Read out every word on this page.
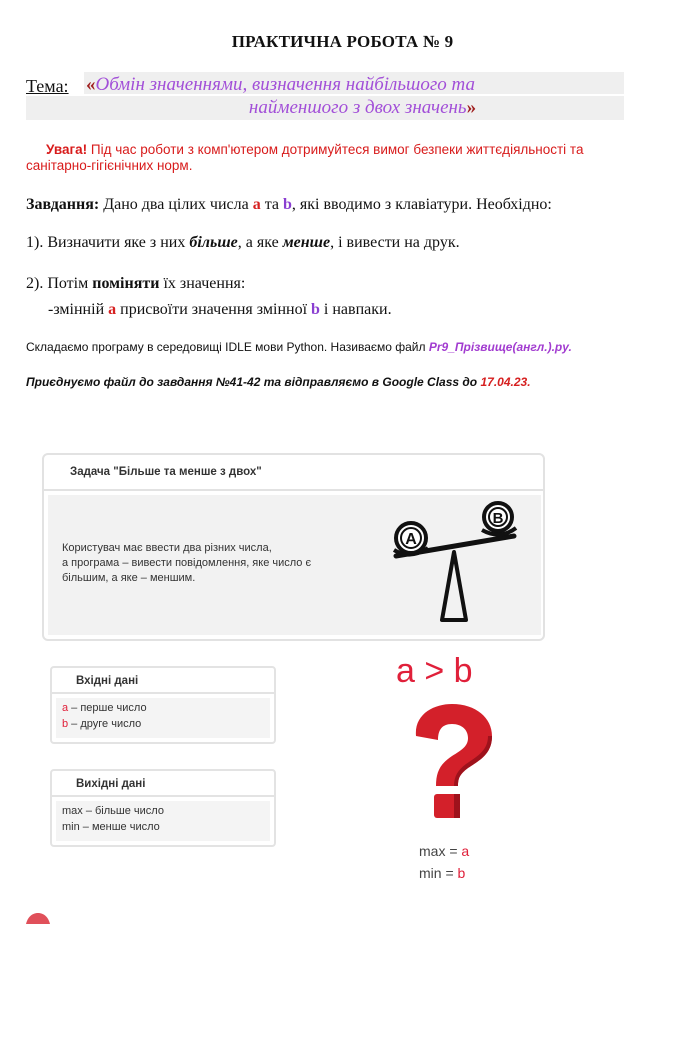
ПРАКТИЧНА РОБОТА № 9
Тема: «Обмін значеннями, визначення найбільшого та
найменшого з двох значень»
Увага! Під час роботи з комп'ютером дотримуйтеся вимог безпеки життєдіяльності та санітарно-гігієнічних норм.
Завдання: Дано два цілих числа a та b, які вводимо з клавіатури. Необхідно:
1). Визначити яке з них більше, а яке менше, і вивести на друк.
2). Потім поміняти їх значення:
-змінній a присвоїти значення змінної b і навпаки.
Складаємо програму в середовищі IDLE мови Python. Називаємо файл Pr9_Прізвище(англ.).py.
Приєднуємо файл до завдання №41-42 та відправляємо в Google Class до 17.04.23.
Задача "Більше та менше з двох"
Користувач має ввести два різних числа,
а програма – вивести повідомлення, яке число є
більшим, а яке – меншим.
A
B
Вхідні дані
a – перше число
b – друге число
Вихідні дані
max – більше число
min – менше число
a > b
max = a
min = b
